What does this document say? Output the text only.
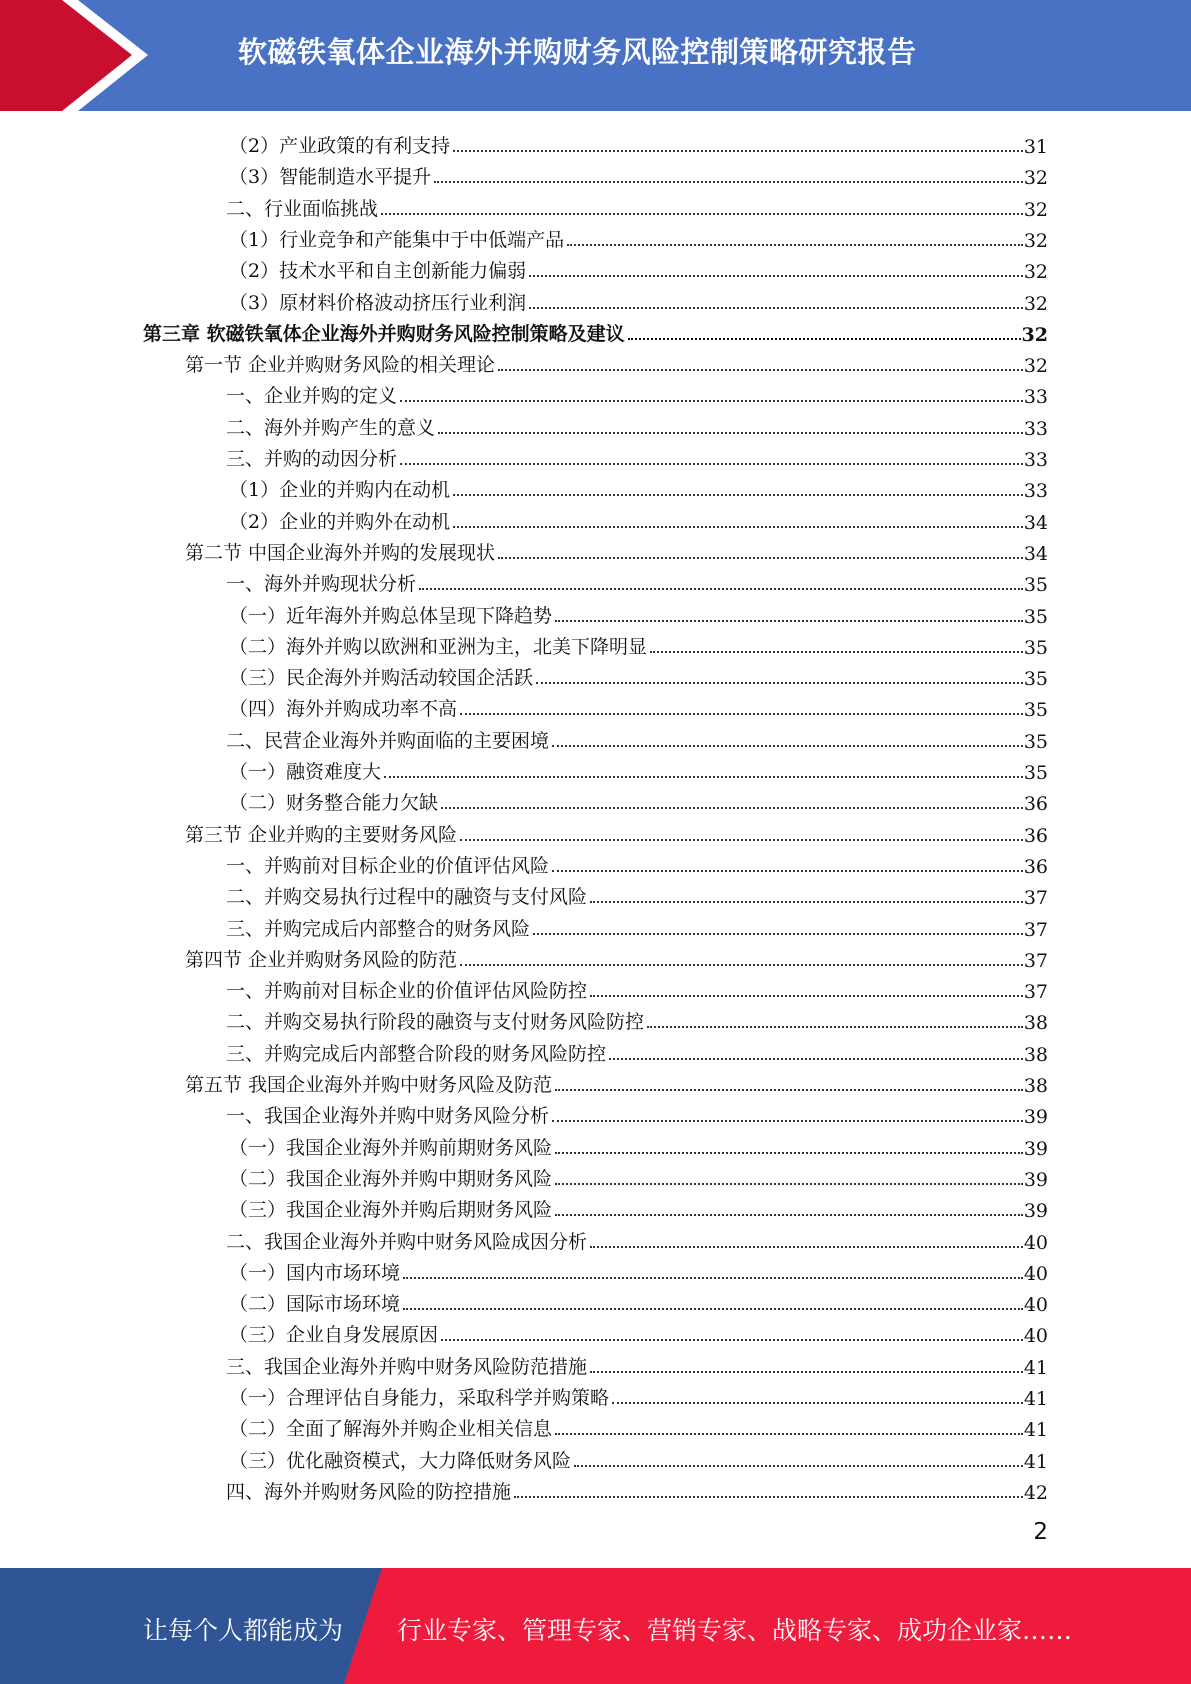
软磁铁氧体企业海外并购财务风险控制策略研究报告
（2）产业政策的有利支持	31
（3）智能制造水平提升	32
二、行业面临挑战	32
（1）行业竞争和产能集中于中低端产品	32
（2）技术水平和自主创新能力偏弱	32
（3）原材料价格波动挤压行业利润	32
第三章 软磁铁氧体企业海外并购财务风险控制策略及建议	32
第一节 企业并购财务风险的相关理论	32
一、企业并购的定义	33
二、海外并购产生的意义	33
三、并购的动因分析	33
（1）企业的并购内在动机	33
（2）企业的并购外在动机	34
第二节 中国企业海外并购的发展现状	34
一、海外并购现状分析	35
（一）近年海外并购总体呈现下降趋势	35
（二）海外并购以欧洲和亚洲为主，北美下降明显	35
（三）民企海外并购活动较国企活跃	35
（四）海外并购成功率不高	35
二、民营企业海外并购面临的主要困境	35
（一）融资难度大	35
（二）财务整合能力欠缺	36
第三节 企业并购的主要财务风险	36
一、并购前对目标企业的价值评估风险	36
二、并购交易执行过程中的融资与支付风险	37
三、并购完成后内部整合的财务风险	37
第四节 企业并购财务风险的防范	37
一、并购前对目标企业的价值评估风险防控	37
二、并购交易执行阶段的融资与支付财务风险防控	38
三、并购完成后内部整合阶段的财务风险防控	38
第五节 我国企业海外并购中财务风险及防范	38
一、我国企业海外并购中财务风险分析	39
（一）我国企业海外并购前期财务风险	39
（二）我国企业海外并购中期财务风险	39
（三）我国企业海外并购后期财务风险	39
二、我国企业海外并购中财务风险成因分析	40
（一）国内市场环境	40
（二）国际市场环境	40
（三）企业自身发展原因	40
三、我国企业海外并购中财务风险防范措施	41
（一）合理评估自身能力，采取科学并购策略	41
（二）全面了解海外并购企业相关信息	41
（三）优化融资模式，大力降低财务风险	41
四、海外并购财务风险的防控措施	42
2
让每个人都能成为 行业专家、管理专家、营销专家、战略专家、成功企业家……
